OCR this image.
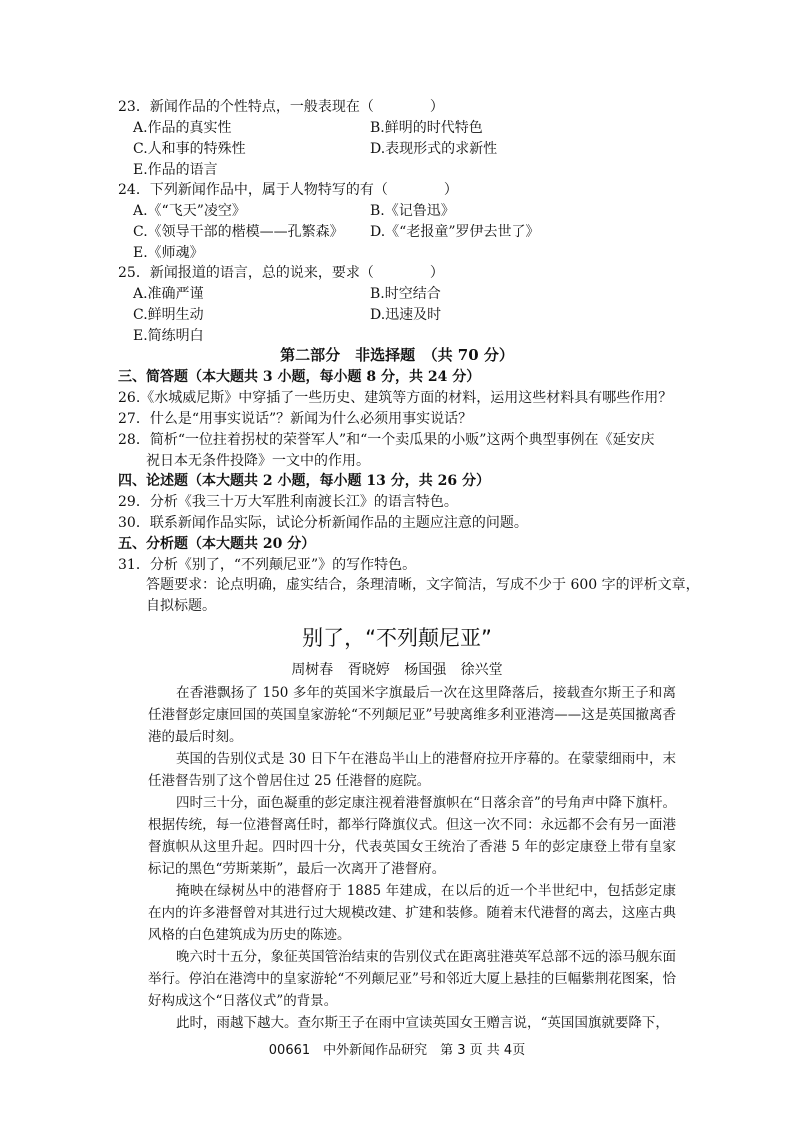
23．新闻作品的个性特点，一般表现在（　　　　）
A.作品的真实性	B.鲜明的时代特色
C.人和事的特殊性	D.表现形式的求新性
E.作品的语言
24．下列新闻作品中，属于人物特写的有（　　　　）
A.《“飞天”凌空》	B.《记鲁迅》
C.《领导干部的楷模——孔繁森》 D.《“老报童”罗伊去世了》
E.《师魂》
25．新闻报道的语言，总的说来，要求（　　　　）
A.准确严谨	B.时空结合
C.鲜明生动	D.迅速及时
E.简练明白
第二部分　非选择题　（共 70 分）
三、简答题（本大题共 3 小题，每小题 8 分，共 24 分）
26.《水城威尼斯》中穿插了一些历史、建筑等方面的材料，运用这些材料具有哪些作用？
27．什么是“用事实说话”？新闻为什么必须用事实说话？
28．简析“一位拄着拐杖的荣誉军人”和“一个卖瓜果的小贩”这两个典型事例在《延安庆
祝日本无条件投降》一文中的作用。
四、论述题（本大题共 2 小题，每小题 13 分，共 26 分）
29．分析《我三十万大军胜利南渡长江》的语言特色。
30．联系新闻作品实际，试论分析新闻作品的主题应注意的问题。
五、分析题（本大题共 20 分）
31．分析《别了，“不列颠尼亚”》的写作特色。
答题要求：论点明确，虚实结合，条理清晰，文字简洁，写成不少于 600 字的评析文章，
自拟标题。
别了，“不列颠尼亚”
周树春 胥晓婷 杨国强 徐兴堂

在香港飘扬了 150 多年的英国米字旗最后一次在这里降落后，接载查尔斯王子和离任港督彭定康回国的英国皇家游轮“不列颠尼亚”号驶离维多利亚港湾——这是英国撤离香港的最后时刻。

英国的告别仪式是 30 日下午在港岛半山上的港督府拉开序幕的。在蒙蒙细雨中，末任港督告别了这个曾居住过 25 任港督的庭院。

四时三十分，面色凝重的彭定康注视着港督旗帜在“日落余音”的号角声中降下旗杆。根据传统，每一位港督离任时，都举行降旗仪式。但这一次不同：永远都不会有另一面港督旗帜从这里升起。四时四十分，代表英国女王统治了香港 5 年的彭定康登上带有皇家标记的黑色“劳斯莱斯”，最后一次离开了港督府。

掩映在绿树丛中的港督府于 1885 年建成，在以后的近一个半世纪中，包括彭定康在内的许多港督曾对其进行过大规模改建、扩建和装修。随着末代港督的离去，这座古典风格的白色建筑成为历史的陈迹。

晚六时十五分，象征英国管治结束的告别仪式在距离驻港英军总部不远的添马舰东面举行。停泊在港湾中的皇家游轮“不列颠尼亚”号和邻近大厦上悬挂的巨幅紫荆花图案，恰好构成这个“日落仪式”的背景。

此时，雨越下越大。查尔斯王子在雨中宣读英国女王赠言说，“英国国旗就要降下，

00661　中外新闻作品研究　第 3 页 共 4页
